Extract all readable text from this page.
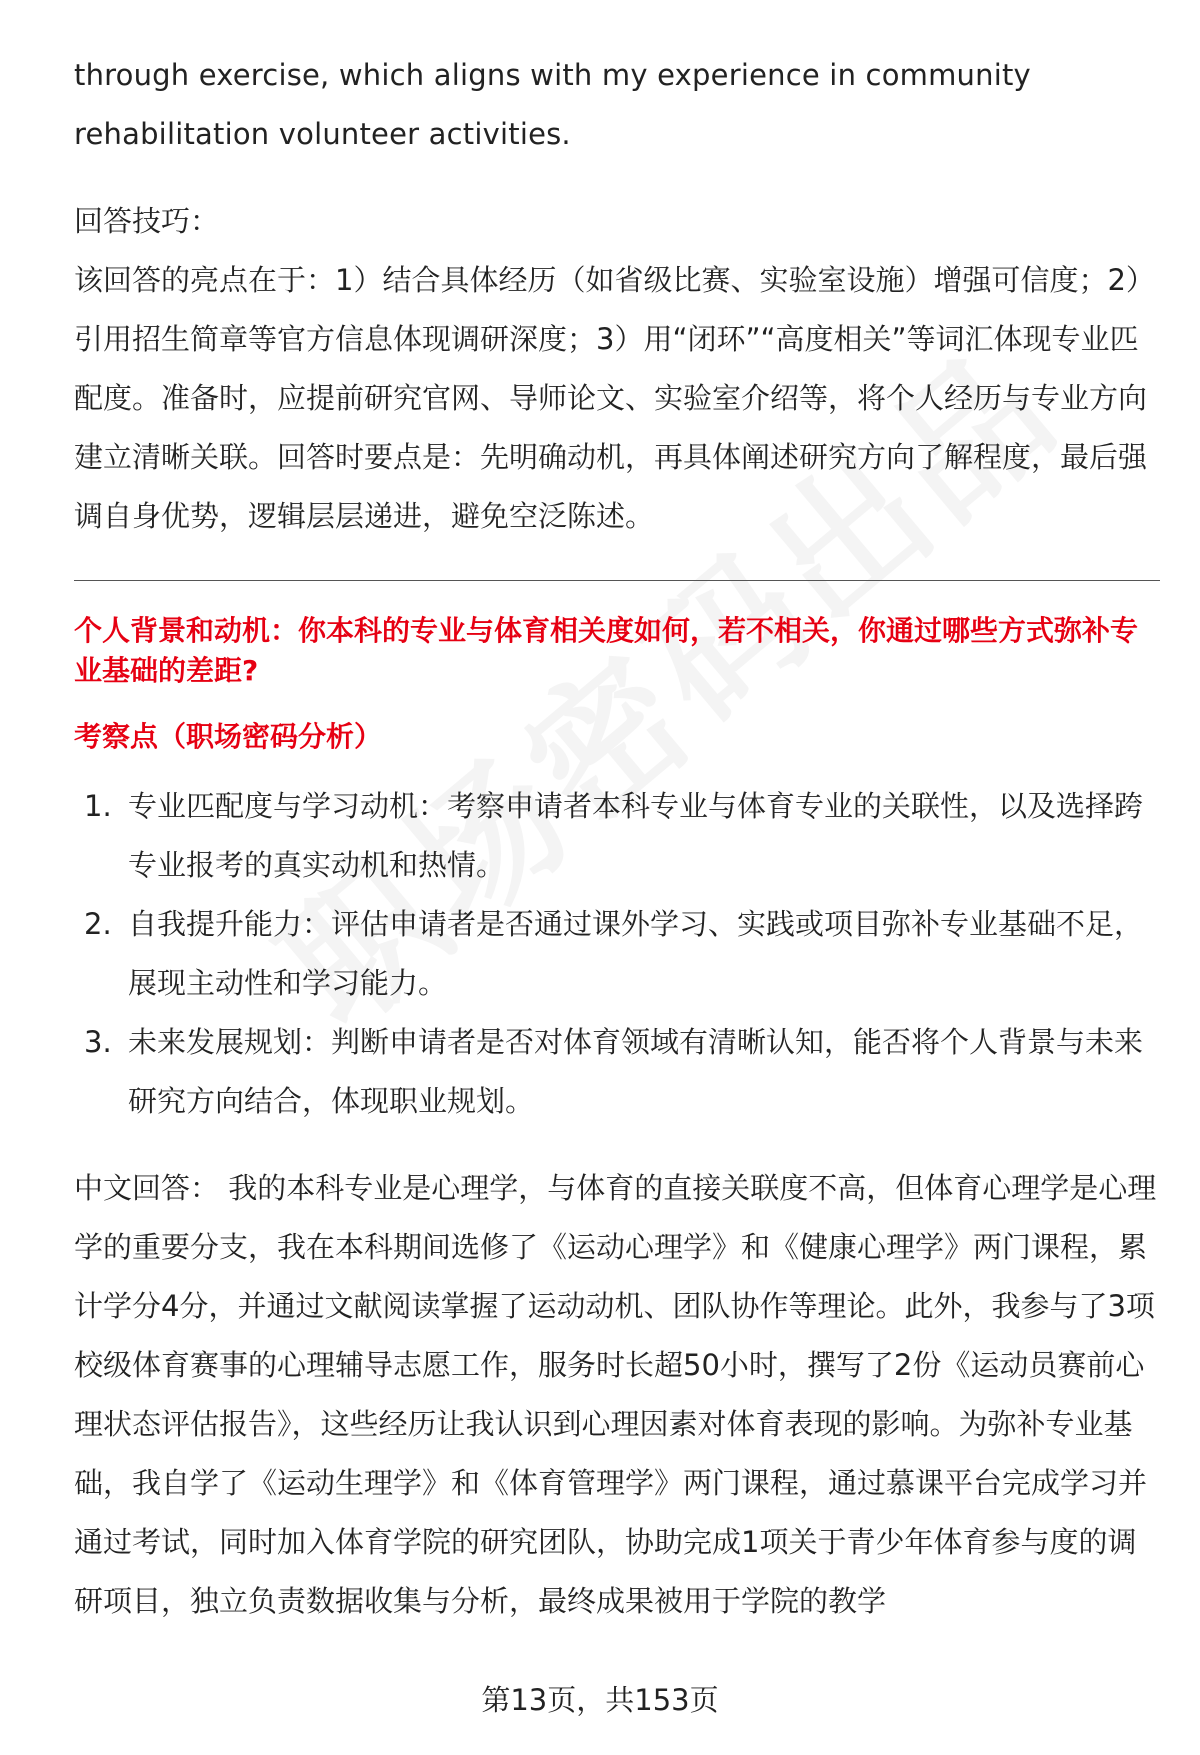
through exercise, which aligns with my experience in community rehabilitation volunteer activities.

回答技巧：

该回答的亮点在于：1）结合具体经历（如省级比赛、实验室设施）增强可信度；2）引用招生简章等官方信息体现调研深度；3）用“闭环”“高度相关”等词汇体现专业匹配度。准备时，应提前研究官网、导师论文、实验室介绍等，将个人经历与专业方向建立清晰关联。回答时要点是：先明确动机，再具体阐述研究方向了解程度，最后强调自身优势，逻辑层层递进，避免空泛陈述。

个人背景和动机：你本科的专业与体育相关度如何，若不相关，你通过哪些方式弥补专业基础的差距?

考察点（职场密码分析）

1. 专业匹配度与学习动机：考察申请者本科专业与体育专业的关联性，以及选择跨专业报考的真实动机和热情。
2. 自我提升能力：评估申请者是否通过课外学习、实践或项目弥补专业基础不足，展现主动性和学习能力。
3. 未来发展规划：判断申请者是否对体育领域有清晰认知，能否将个人背景与未来研究方向结合，体现职业规划。

中文回答： 我的本科专业是心理学，与体育的直接关联度不高，但体育心理学是心理学的重要分支，我在本科期间选修了《运动心理学》和《健康心理学》两门课程，累计学分4分，并通过文献阅读掌握了运动动机、团队协作等理论。此外，我参与了3项校级体育赛事的心理辅导志愿工作，服务时长超50小时，撰写了2份《运动员赛前心理状态评估报告》，这些经历让我认识到心理因素对体育表现的影响。为弥补专业基础，我自学了《运动生理学》和《体育管理学》两门课程，通过慕课平台完成学习并通过考试，同时加入体育学院的研究团队，协助完成1项关于青少年体育参与度的调研项目，独立负责数据收集与分析，最终成果被用于学院的教学

第13页，共153页
